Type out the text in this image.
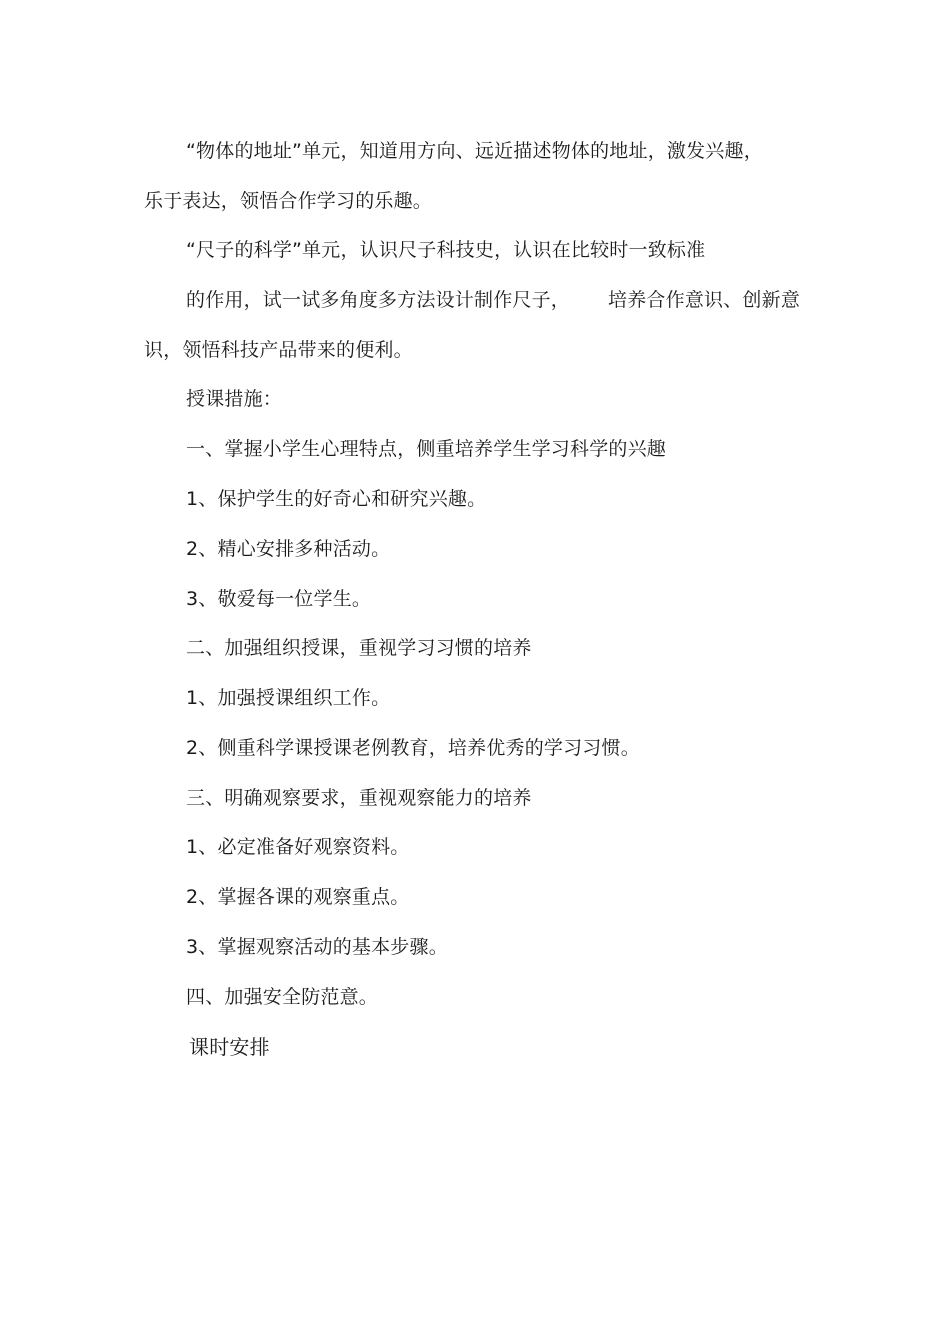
“物体的地址”单元，知道用方向、远近描述物体的地址，激发兴趣，
乐于表达，领悟合作学习的乐趣。
“尺子的科学”单元，认识尺子科技史，认识在比较时一致标准
的作用，试一试多角度多方法设计制作尺子， 培养合作意识、创新意
识，领悟科技产品带来的便利。
授课措施：
一、掌握小学生心理特点，侧重培养学生学习科学的兴趣
1、保护学生的好奇心和研究兴趣。
2、精心安排多种活动。
3、敬爱每一位学生。
二、加强组织授课，重视学习习惯的培养
1、加强授课组织工作。
2、侧重科学课授课老例教育，培养优秀的学习习惯。
三、明确观察要求，重视观察能力的培养
1、必定准备好观察资料。
2、掌握各课的观察重点。
3、掌握观察活动的基本步骤。
四、加强安全防范意。
课时安排
